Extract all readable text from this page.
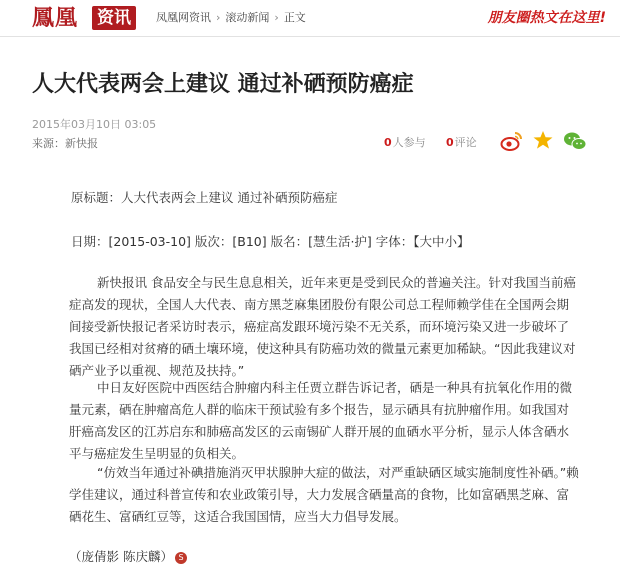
鳳凰 资讯	凤凰网资讯 › 滚动新闻 › 正文	朋友圈热文在这里!
人大代表两会上建议 通过补硒预防癌症
2015年03月10日 03:05
来源：新快报	0人参与 0评论
原标题：人大代表两会上建议 通过补硒预防癌症
日期：[2015-03-10] 版次：[B10] 版名：[慧生活·护] 字体：【大中小】
新快报讯 食品安全与民生息息相关，近年来更是受到民众的普遍关注。针对我国当前癌症高发的现状，全国人大代表、南方黑芝麻集团股份有限公司总工程师赖学佳在全国两会期间接受新快报记者采访时表示，癌症高发跟环境污染不无关系，而环境污染又进一步破坏了我国已经相对贫瘠的硒土壤环境，使这种具有防癌功效的微量元素更加稀缺。“因此我建议对硒产业予以重视、规范及扶持。”
中日友好医院中西医结合肿瘤内科主任贾立群告诉记者，硒是一种具有抗氧化作用的微量元素，硒在肿瘤高危人群的临床干预试验有多个报告，显示硒具有抗肿瘤作用。如我国对肝癌高发区的江苏启东和肺癌高发区的云南锡矿人群开展的血硒水平分析，显示人体含硒水平与癌症发生呈明显的负相关。
“仿效当年通过补碘措施消灭甲状腺肿大症的做法，对严重缺硒区域实施制度性补硒。”赖学佳建议，通过科普宣传和农业政策引导，大力发展含硒量高的食物，比如富硒黑芝麻、富硒花生、富硒红豆等，这适合我国国情，应当大力倡导发展。
（庞倩影 陈庆麟） S
